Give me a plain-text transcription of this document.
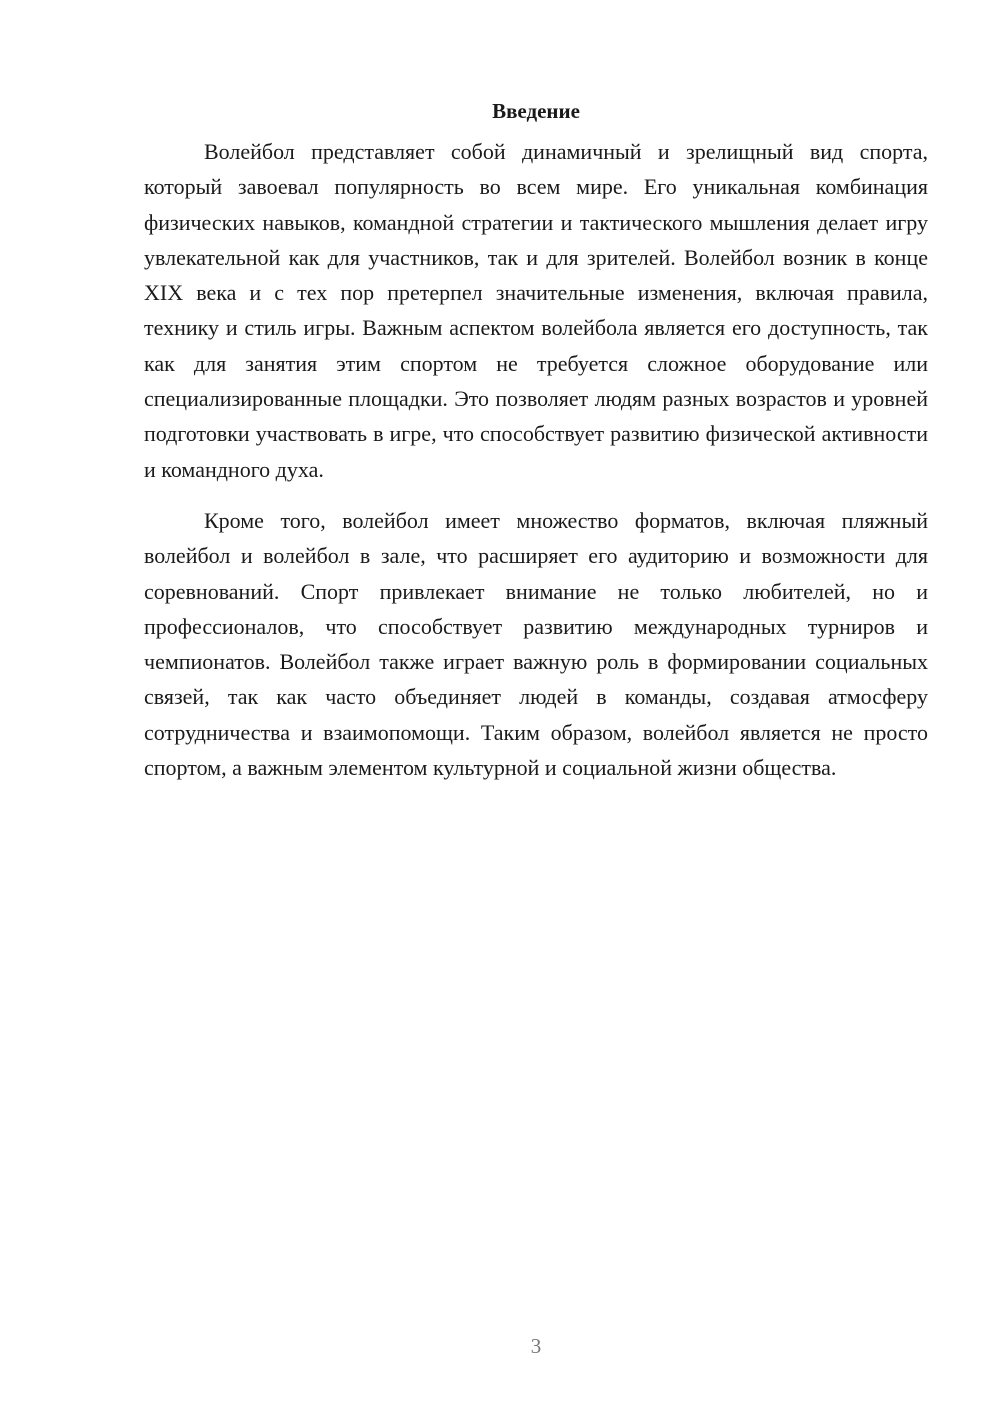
Введение

Волейбол представляет собой динамичный и зрелищный вид спорта, который завоевал популярность во всем мире. Его уникальная комбинация физических навыков, командной стратегии и тактического мышления делает игру увлекательной как для участников, так и для зрителей. Волейбол возник в конце XIX века и с тех пор претерпел значительные изменения, включая правила, технику и стиль игры. Важным аспектом волейбола является его доступность, так как для занятия этим спортом не требуется сложное оборудование или специализированные площадки. Это позволяет людям разных возрастов и уровней подготовки участвовать в игре, что способствует развитию физической активности и командного духа.

Кроме того, волейбол имеет множество форматов, включая пляжный волейбол и волейбол в зале, что расширяет его аудиторию и возможности для соревнований. Спорт привлекает внимание не только любителей, но и профессионалов, что способствует развитию международных турниров и чемпионатов. Волейбол также играет важную роль в формировании социальных связей, так как часто объединяет людей в команды, создавая атмосферу сотрудничества и взаимопомощи. Таким образом, волейбол является не просто спортом, а важным элементом культурной и социальной жизни общества.

3
